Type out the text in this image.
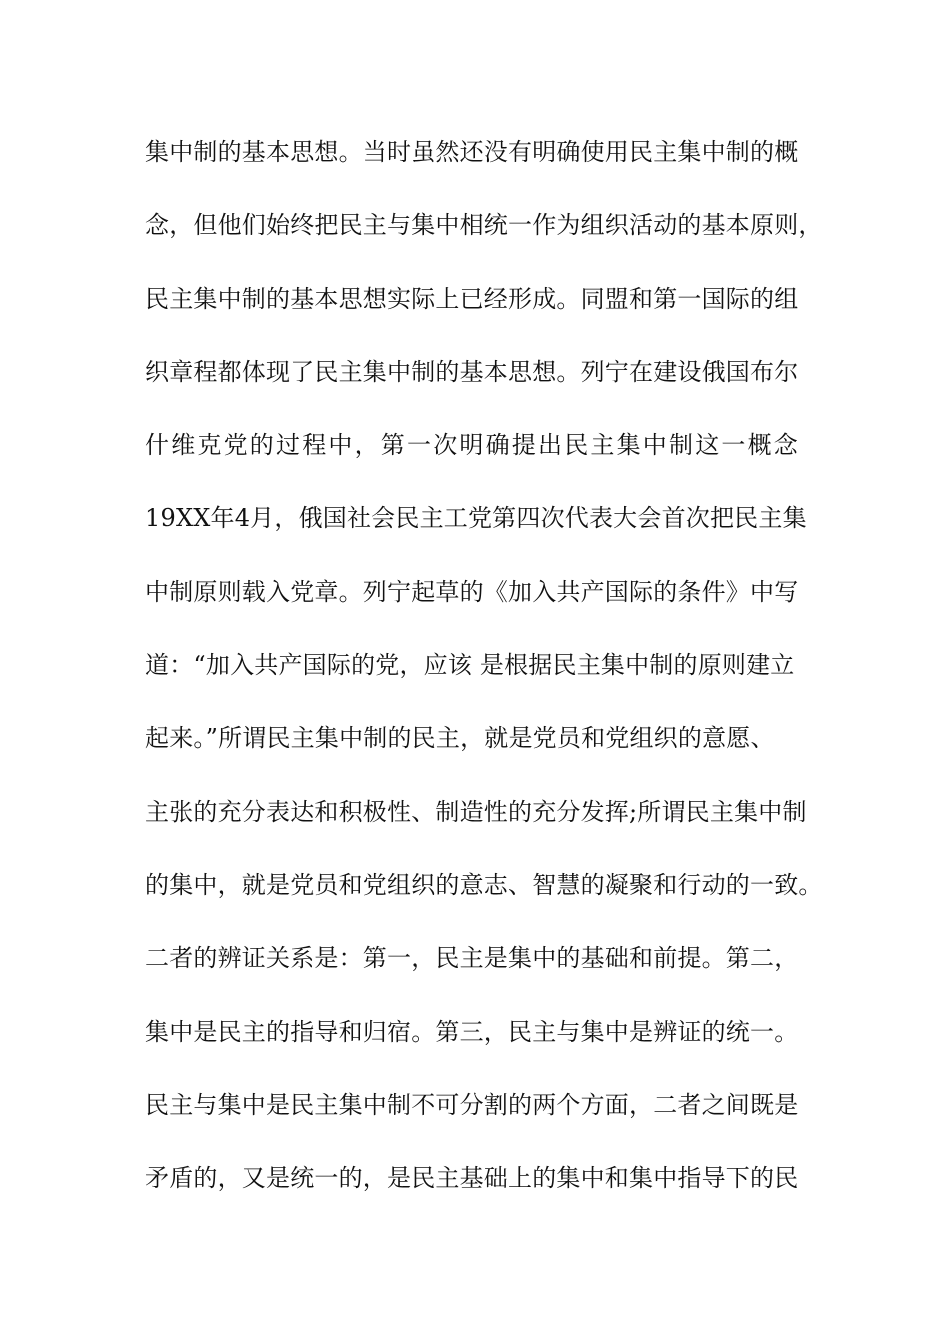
集中制的基本思想。当时虽然还没有明确使用民主集中制的概
念，但他们始终把民主与集中相统一作为组织活动的基本原则，
民主集中制的基本思想实际上已经形成。同盟和第一国际的组
织章程都体现了民主集中制的基本思想。列宁在建设俄国布尔
什维克党的过程中，第一次明确提出民主集中制这一概念
19XX年4月，俄国社会民主工党第四次代表大会首次把民主集
中制原则载入党章。列宁起草的《加入共产国际的条件》中写
道：“加入共产国际的党，应该 是根据民主集中制的原则建立
起来。”所谓民主集中制的民主，就是党员和党组织的意愿、
主张的充分表达和积极性、制造性的充分发挥;所谓民主集中制
的集中，就是党员和党组织的意志、智慧的凝聚和行动的一致。
二者的辨证关系是：第一，民主是集中的基础和前提。第二，
集中是民主的指导和归宿。第三，民主与集中是辨证的统一。
民主与集中是民主集中制不可分割的两个方面，二者之间既是
矛盾的，又是统一的，是民主基础上的集中和集中指导下的民
